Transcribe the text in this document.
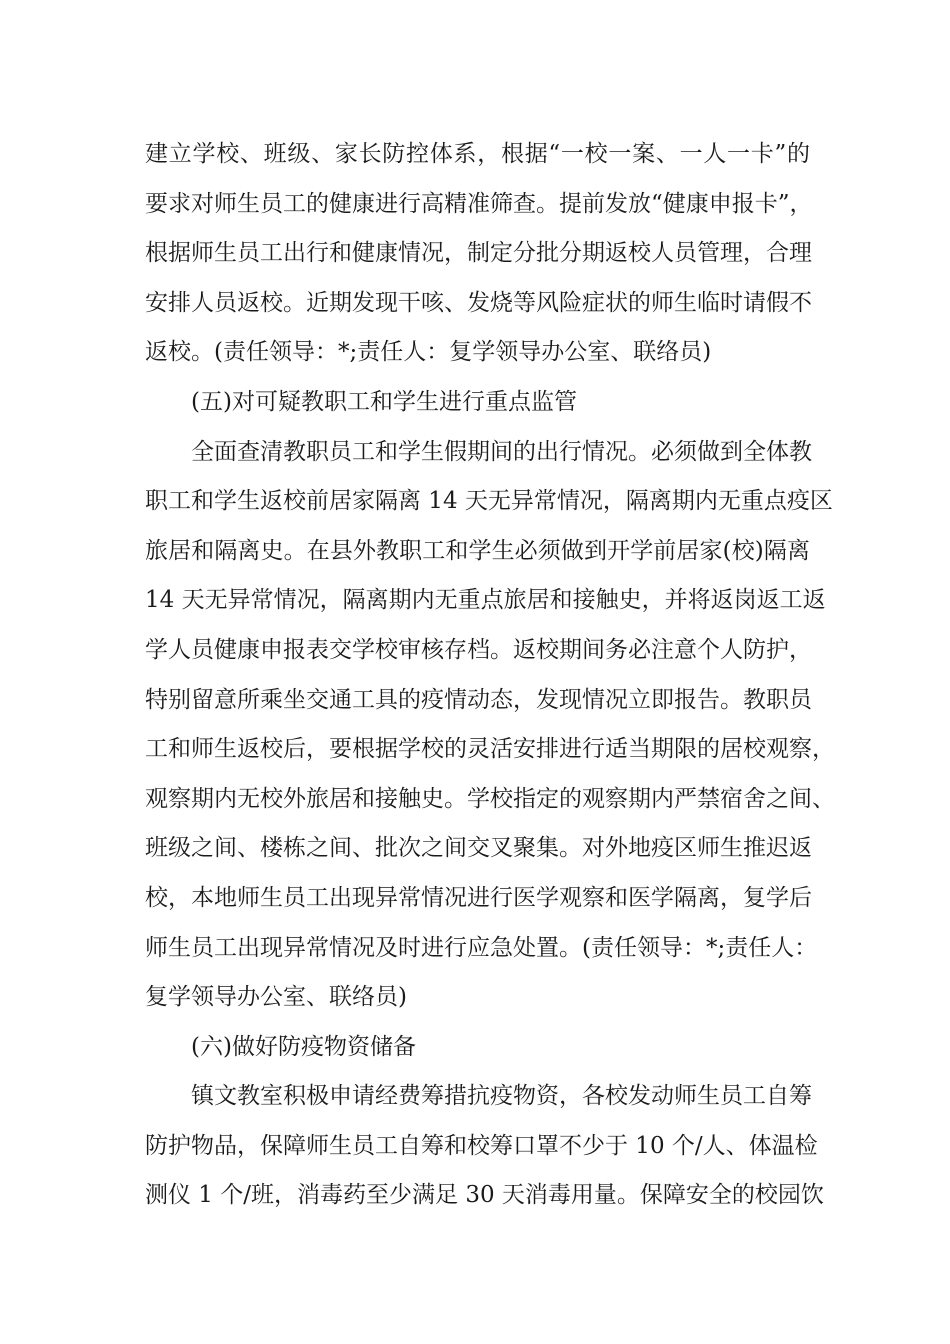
建立学校、班级、家长防控体系，根据“一校一案、一人一卡”的
要求对师生员工的健康进行高精准筛查。提前发放“健康申报卡”，
根据师生员工出行和健康情况，制定分批分期返校人员管理，合理
安排人员返校。近期发现干咳、发烧等风险症状的师生临时请假不
返校。(责任领导：*;责任人：复学领导办公室、联络员)
(五)对可疑教职工和学生进行重点监管
全面查清教职员工和学生假期间的出行情况。必须做到全体教
职工和学生返校前居家隔离 14 天无异常情况，隔离期内无重点疫区
旅居和隔离史。在县外教职工和学生必须做到开学前居家(校)隔离
14 天无异常情况，隔离期内无重点旅居和接触史，并将返岗返工返
学人员健康申报表交学校审核存档。返校期间务必注意个人防护，
特别留意所乘坐交通工具的疫情动态，发现情况立即报告。教职员
工和师生返校后，要根据学校的灵活安排进行适当期限的居校观察，
观察期内无校外旅居和接触史。学校指定的观察期内严禁宿舍之间、
班级之间、楼栋之间、批次之间交叉聚集。对外地疫区师生推迟返
校，本地师生员工出现异常情况进行医学观察和医学隔离，复学后
师生员工出现异常情况及时进行应急处置。(责任领导：*;责任人：
复学领导办公室、联络员)
(六)做好防疫物资储备
镇文教室积极申请经费筹措抗疫物资，各校发动师生员工自筹
防护物品，保障师生员工自筹和校筹口罩不少于 10 个/人、体温检
测仪 1 个/班，消毒药至少满足 30 天消毒用量。保障安全的校园饮
